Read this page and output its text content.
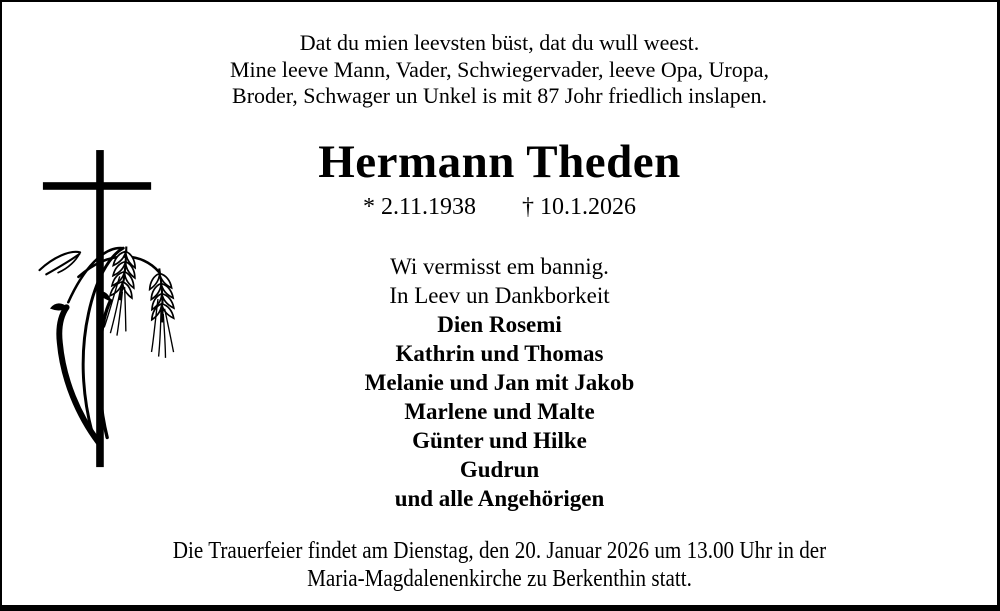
Dat du mien leevsten büst, dat du wull weest.
Mine leeve Mann, Vader, Schwiegervader, leeve Opa, Uropa,
Broder, Schwager un Unkel is mit 87 Johr friedlich inslapen.
Hermann Theden
* 2.11.1938 † 10.1.2026
Wi vermisst em bannig.
In Leev un Dankborkeit
Dien Rosemi
Kathrin und Thomas
Melanie und Jan mit Jakob
Marlene und Malte
Günter und Hilke
Gudrun
und alle Angehörigen
Die Trauerfeier findet am Dienstag, den 20. Januar 2026 um 13.00 Uhr in der
Maria-Magdalenenkirche zu Berkenthin statt.
